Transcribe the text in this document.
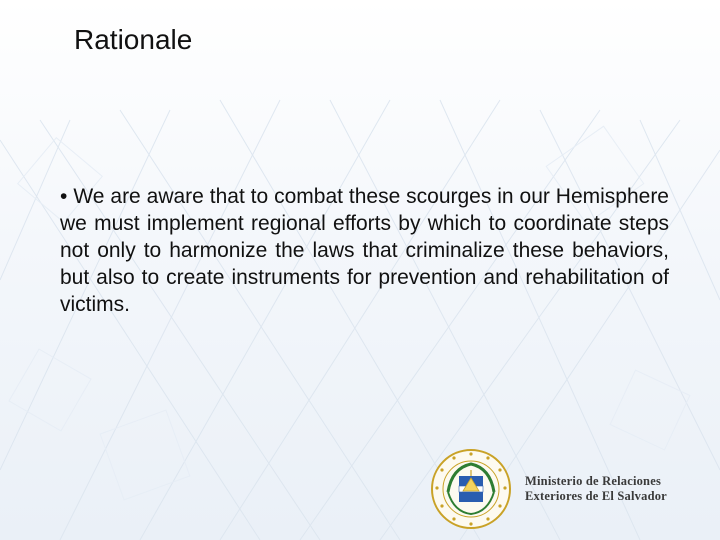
Rationale

• We are aware that to combat these scourges in our Hemisphere we must implement regional efforts by which to coordinate steps not only to harmonize the laws that criminalize these behaviors, but also to create instruments for prevention and rehabilitation of victims.

Ministerio de Relaciones
Exteriores de El Salvador
